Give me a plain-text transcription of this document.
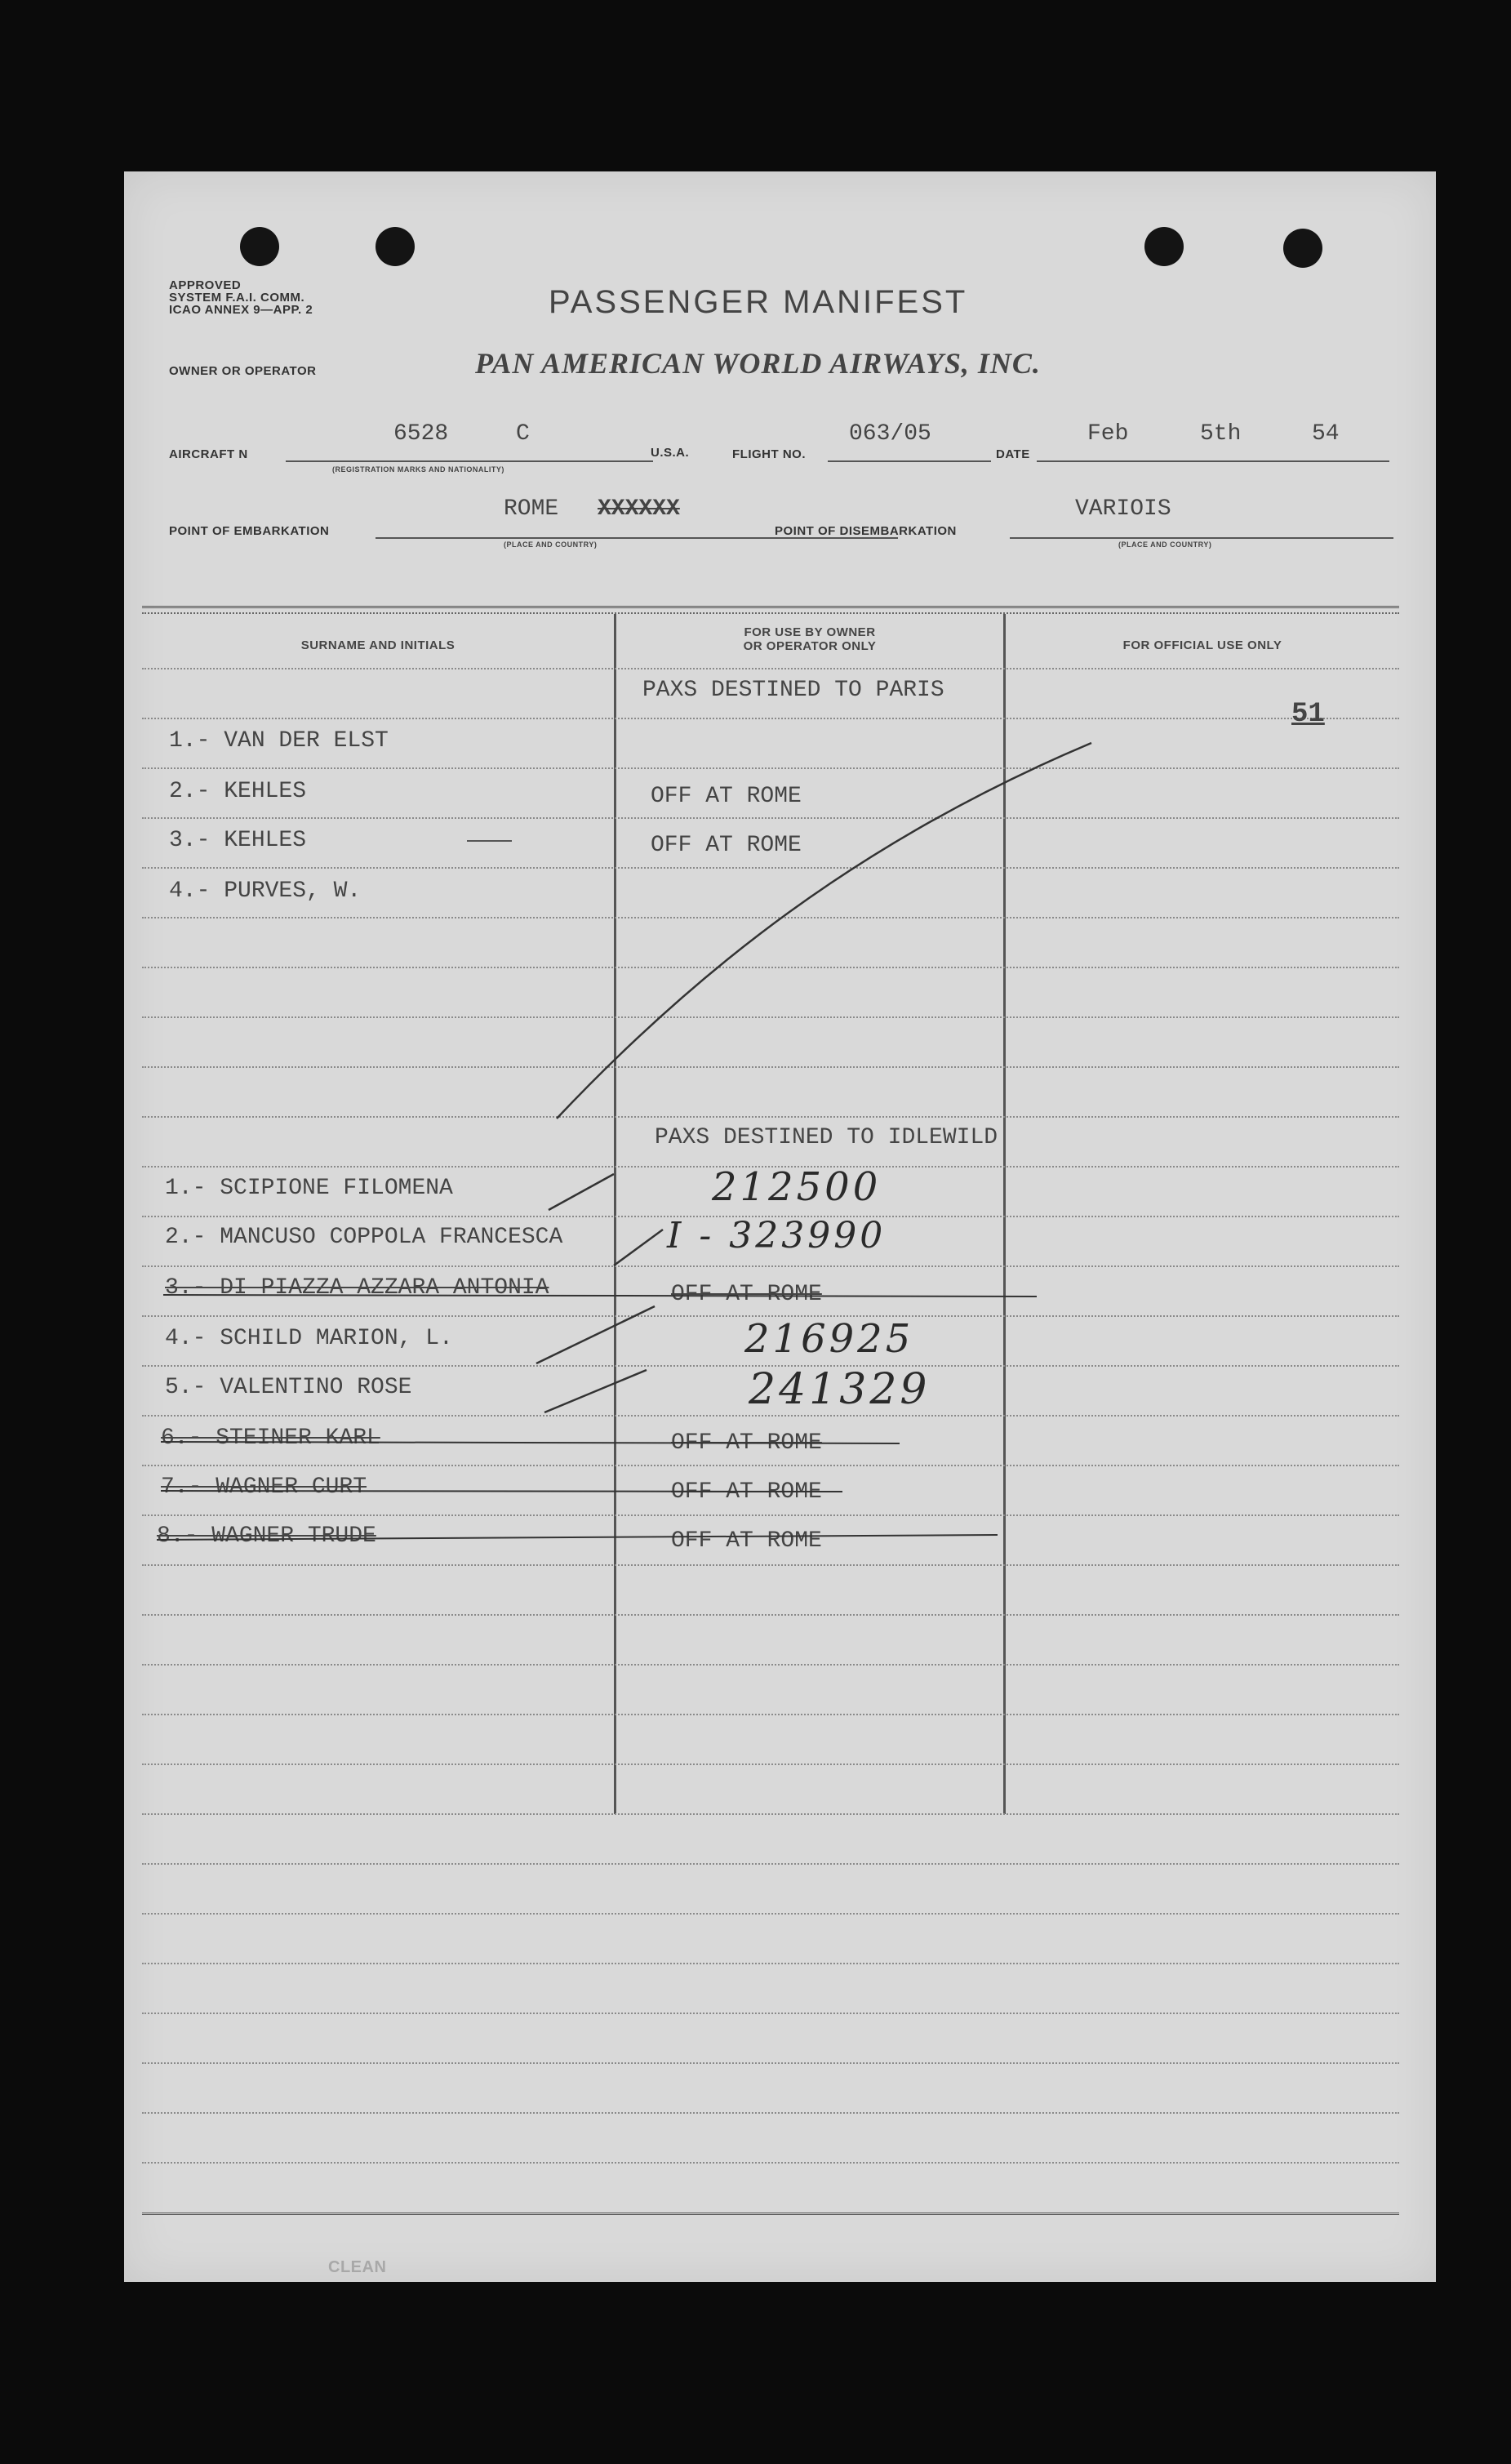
APPROVED
SYSTEM F.A.I. COMM.
ICAO ANNEX 9—APP. 2	PASSENGER MANIFEST
OWNER OR OPERATOR	PAN AMERICAN WORLD AIRWAYS, INC.
AIRCRAFT N
6528	C
(REGISTRATION MARKS AND NATIONALITY)
U.S.A.	FLIGHT NO.
063/05
DATE
Feb	5th	54
POINT OF EMBARKATION
ROME XXXXXX
(PLACE AND COUNTRY)
POINT OF DISEMBARKATION
VARIOIS
(PLACE AND COUNTRY)
SURNAME AND INITIALS
FOR USE BY OWNER
OR OPERATOR ONLY	FOR OFFICIAL USE ONLY
PAXS DESTINED TO PARIS
51
1.- VAN DER ELST
2.- KEHLES	OFF AT ROME
3.- KEHLES	OFF AT ROME
4.- PURVES, W.
PAXS DESTINED TO IDLEWILD
1.- SCIPIONE FILOMENA	212500
2.- MANCUSO COPPOLA FRANCESCA	I - 323990
3.- DI PIAZZA AZZARA ANTONIA	OFF AT ROME
4.- SCHILD MARION, L.	216925
5.- VALENTINO ROSE	241329
6.- STEINER KARL	OFF AT ROME
7.- WAGNER CURT	OFF AT ROME
8.- WAGNER TRUDE	OFF AT ROME
CLEAN
